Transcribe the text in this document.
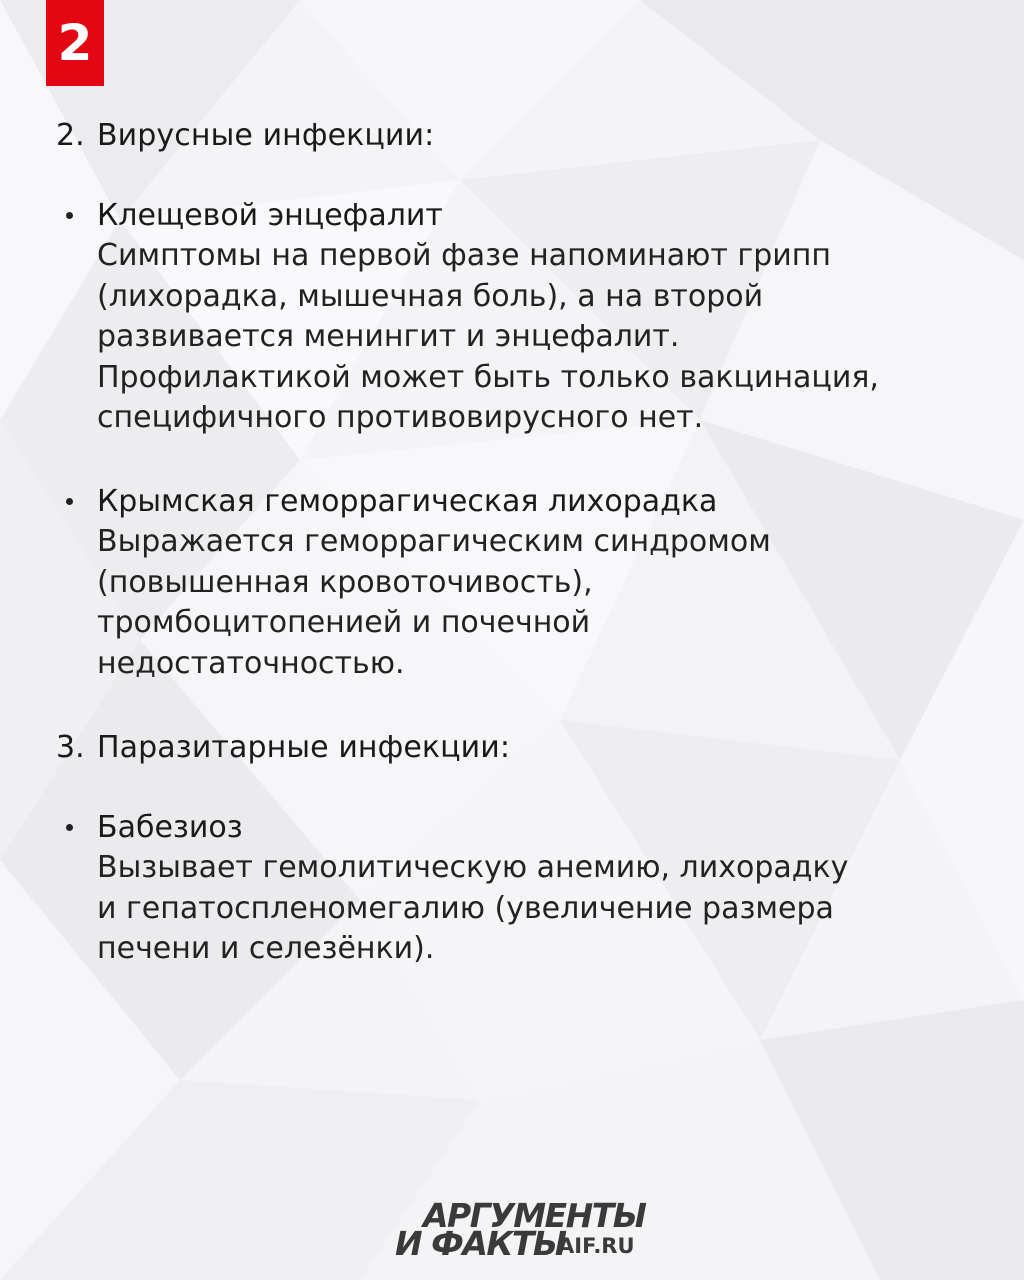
2
2. Вирусные инфекции:
Клещевой энцефалит
Симптомы на первой фазе напоминают грипп
(лихорадка, мышечная боль), а на второй
развивается менингит и энцефалит.
Профилактикой может быть только вакцинация,
специфичного противовирусного нет.
Крымская геморрагическая лихорадка
Выражается геморрагическим синдромом
(повышенная кровоточивость),
тромбоцитопенией и почечной
недостаточностью.
3. Паразитарные инфекции:
Бабезиоз
Вызывает гемолитическую анемию, лихорадку
и гепатоспленомегалию (увеличение размера
печени и селезёнки).
АРГУМЕНТЫ
И ФАКТЫ
AIF.RU
